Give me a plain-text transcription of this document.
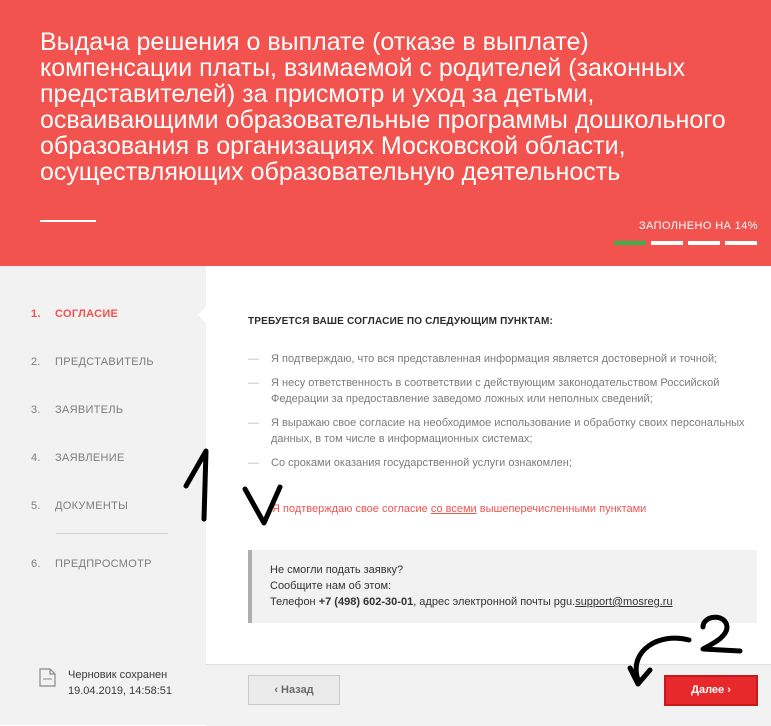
Выдача решения о выплате (отказе в выплате) компенсации платы, взимаемой с родителей (законных представителей) за присмотр и уход за детьми, осваивающими образовательные программы дошкольного образования в организациях Московской области, осуществляющих образовательную деятельность
ЗАПОЛНЕНО НА 14%
1. СОГЛАСИЕ
2. ПРЕДСТАВИТЕЛЬ
3. ЗАЯВИТЕЛЬ
4. ЗАЯВЛЕНИЕ
5. ДОКУМЕНТЫ
6. ПРЕДПРОСМОТР
Черновик сохранен
19.04.2019, 14:58:51
ТРЕБУЕТСЯ ВАШЕ СОГЛАСИЕ ПО СЛЕДУЮЩИМ ПУНКТАМ:
— Я подтверждаю, что вся представленная информация является достоверной и точной;
— Я несу ответственность в соответствии с действующим законодательством Российской Федерации за предоставление заведомо ложных или неполных сведений;
— Я выражаю свое согласие на необходимое использование и обработку своих персональных данных, в том числе в информационных системах;
— Со сроками оказания государственной услуги ознакомлен;
Я подтверждаю свое согласие со всеми вышеперечисленными пунктами
Не смогли подать заявку?
Сообщите нам об этом:
Телефон +7 (498) 602-30-01, адрес электронной почты pgu.support@mosreg.ru
‹ Назад	Далее ›
